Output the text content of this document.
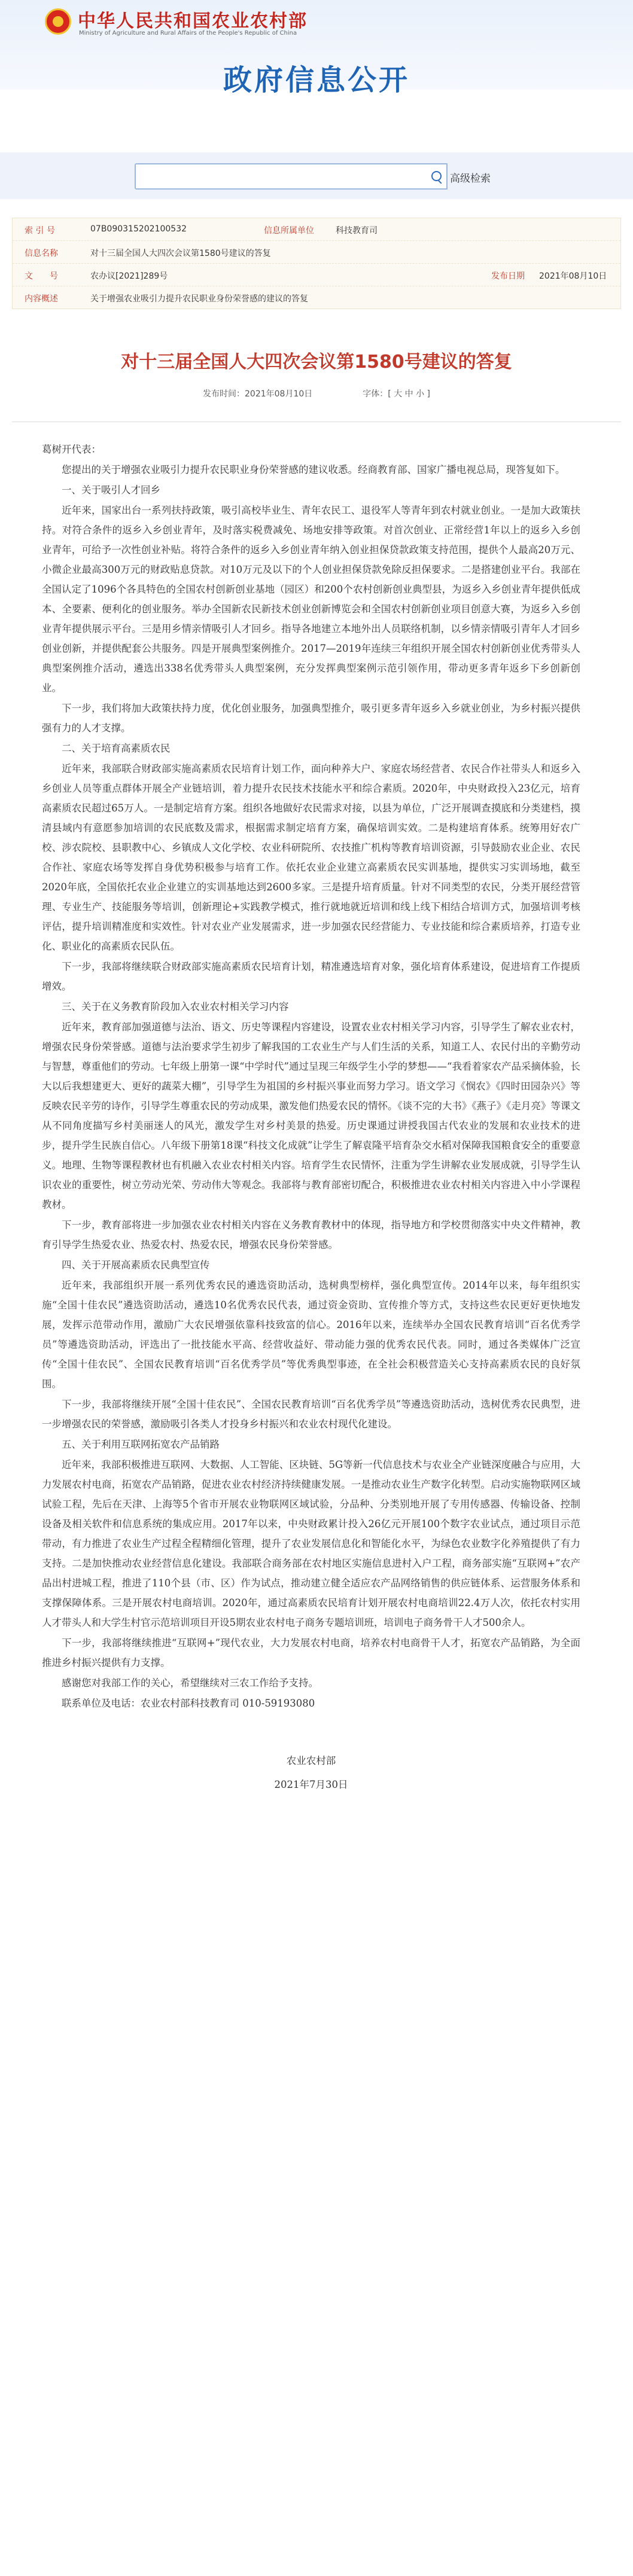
中华人民共和国农业农村部
Ministry of Agriculture and Rural Affairs of the People's Republic of China
政府信息公开
高级检索
索 引 号	07B090315202100532	信息所属单位	科技教育司
信息名称	对十三届全国人大四次会议第1580号建议的答复
文　　号	农办议[2021]289号	发布日期 2021年08月10日
内容概述	关于增强农业吸引力提升农民职业身份荣誉感的建议的答复
对十三届全国人大四次会议第1580号建议的答复
发布时间：2021年08月10日　　　　　　字体：[ 大 中 小 ]

葛树开代表：

您提出的关于增强农业吸引力提升农民职业身份荣誉感的建议收悉。经商教育部、国家广播电视总局，现答复如下。

一、关于吸引人才回乡

近年来，国家出台一系列扶持政策，吸引高校毕业生、青年农民工、退役军人等青年到农村就业创业。一是加大政策扶持。对符合条件的返乡入乡创业青年，及时落实税费减免、场地安排等政策。对首次创业、正常经营1年以上的返乡入乡创业青年，可给予一次性创业补贴。将符合条件的返乡入乡创业青年纳入创业担保贷款政策支持范围，提供个人最高20万元、小微企业最高300万元的财政贴息贷款。对10万元及以下的个人创业担保贷款免除反担保要求。二是搭建创业平台。我部在全国认定了1096个各具特色的全国农村创新创业基地（园区）和200个农村创新创业典型县，为返乡入乡创业青年提供低成本、全要素、便利化的创业服务。举办全国新农民新技术创业创新博览会和全国农村创新创业项目创意大赛，为返乡入乡创业青年提供展示平台。三是用乡情亲情吸引人才回乡。指导各地建立本地外出人员联络机制，以乡情亲情吸引青年人才回乡创业创新，并提供配套公共服务。四是开展典型案例推介。2017—2019年连续三年组织开展全国农村创新创业优秀带头人典型案例推介活动，遴选出338名优秀带头人典型案例，充分发挥典型案例示范引领作用，带动更多青年返乡下乡创新创业。

下一步，我们将加大政策扶持力度，优化创业服务，加强典型推介，吸引更多青年返乡入乡就业创业，为乡村振兴提供强有力的人才支撑。

二、关于培育高素质农民

近年来，我部联合财政部实施高素质农民培育计划工作，面向种养大户、家庭农场经营者、农民合作社带头人和返乡入乡创业人员等重点群体开展全产业链培训，着力提升农民技术技能水平和综合素质。2020年，中央财政投入23亿元，培育高素质农民超过65万人。一是制定培育方案。组织各地做好农民需求对接，以县为单位，广泛开展调查摸底和分类建档，摸清县域内有意愿参加培训的农民底数及需求，根据需求制定培育方案，确保培训实效。二是构建培育体系。统筹用好农广校、涉农院校、县职教中心、乡镇成人文化学校、农业科研院所、农技推广机构等教育培训资源，引导鼓励农业企业、农民合作社、家庭农场等发挥自身优势积极参与培育工作。依托农业企业建立高素质农民实训基地，提供实习实训场地，截至2020年底，全国依托农业企业建立的实训基地达到2600多家。三是提升培育质量。针对不同类型的农民，分类开展经营管理、专业生产、技能服务等培训，创新理论+实践教学模式，推行就地就近培训和线上线下相结合培训方式，加强培训考核评估，提升培训精准度和实效性。针对农业产业发展需求，进一步加强农民经营能力、专业技能和综合素质培养，打造专业化、职业化的高素质农民队伍。

下一步，我部将继续联合财政部实施高素质农民培育计划，精准遴选培育对象，强化培育体系建设，促进培育工作提质增效。

三、关于在义务教育阶段加入农业农村相关学习内容

近年来，教育部加强道德与法治、语文、历史等课程内容建设，设置农业农村相关学习内容，引导学生了解农业农村，增强农民身份荣誉感。道德与法治要求学生初步了解我国的工农业生产与人们生活的关系，知道工人、农民付出的辛勤劳动与智慧，尊重他们的劳动。七年级上册第一课“中学时代”通过呈现三年级学生小学的梦想——“我看着家农产品采摘体验，长大以后我想建更大、更好的蔬菜大棚”，引导学生为祖国的乡村振兴事业而努力学习。语文学习《悯农》《四时田园杂兴》等反映农民辛劳的诗作，引导学生尊重农民的劳动成果，激发他们热爱农民的情怀。《谈不完的大书》《燕子》《走月亮》等课文从不同角度描写乡村美丽迷人的风光，激发学生对乡村美景的热爱。历史课通过讲授我国古代农业的发展和农业技术的进步，提升学生民族自信心。八年级下册第18课“科技文化成就”让学生了解袁隆平培育杂交水稻对保障我国粮食安全的重要意义。地理、生物等课程教材也有机融入农业农村相关内容。培育学生农民情怀，注重为学生讲解农业发展成就，引导学生认识农业的重要性，树立劳动光荣、劳动伟大等观念。我部将与教育部密切配合，积极推进农业农村相关内容进入中小学课程教材。

下一步，教育部将进一步加强农业农村相关内容在义务教育教材中的体现，指导地方和学校贯彻落实中央文件精神，教育引导学生热爱农业、热爱农村、热爱农民，增强农民身份荣誉感。

四、关于开展高素质农民典型宣传

近年来，我部组织开展一系列优秀农民的遴选资助活动，选树典型榜样，强化典型宣传。2014年以来，每年组织实施“全国十佳农民”遴选资助活动，遴选10名优秀农民代表，通过资金资助、宣传推介等方式，支持这些农民更好更快地发展，发挥示范带动作用，激励广大农民增强依靠科技致富的信心。2016年以来，连续举办全国农民教育培训“百名优秀学员”等遴选资助活动，评选出了一批技能水平高、经营收益好、带动能力强的优秀农民代表。同时，通过各类媒体广泛宣传“全国十佳农民”、全国农民教育培训“百名优秀学员”等优秀典型事迹，在全社会积极营造关心支持高素质农民的良好氛围。

下一步，我部将继续开展“全国十佳农民”、全国农民教育培训“百名优秀学员”等遴选资助活动，选树优秀农民典型，进一步增强农民的荣誉感，激励吸引各类人才投身乡村振兴和农业农村现代化建设。

五、关于利用互联网拓宽农产品销路

近年来，我部积极推进互联网、大数据、人工智能、区块链、5G等新一代信息技术与农业全产业链深度融合与应用，大力发展农村电商，拓宽农产品销路，促进农业农村经济持续健康发展。一是推动农业生产数字化转型。启动实施物联网区域试验工程，先后在天津、上海等5个省市开展农业物联网区域试验，分品种、分类别地开展了专用传感器、传输设备、控制设备及相关软件和信息系统的集成应用。2017年以来，中央财政累计投入26亿元开展100个数字农业试点，通过项目示范带动，有力推进了农业生产过程全程精细化管理，提升了农业发展信息化和智能化水平，为绿色农业数字化养殖提供了有力支持。二是加快推动农业经营信息化建设。我部联合商务部在农村地区实施信息进村入户工程，商务部实施“互联网+”农产品出村进城工程，推进了110个县（市、区）作为试点，推动建立健全适应农产品网络销售的供应链体系、运营服务体系和支撑保障体系。三是开展农村电商培训。2020年，通过高素质农民培育计划开展农村电商培训22.4万人次，依托农村实用人才带头人和大学生村官示范培训项目开设5期农业农村电子商务专题培训班，培训电子商务骨干人才500余人。

下一步，我部将继续推进“互联网+”现代农业，大力发展农村电商，培养农村电商骨干人才，拓宽农产品销路，为全面推进乡村振兴提供有力支撑。

感谢您对我部工作的关心，希望继续对三农工作给予支持。

联系单位及电话：农业农村部科技教育司 010-59193080

农业农村部
2021年7月30日
